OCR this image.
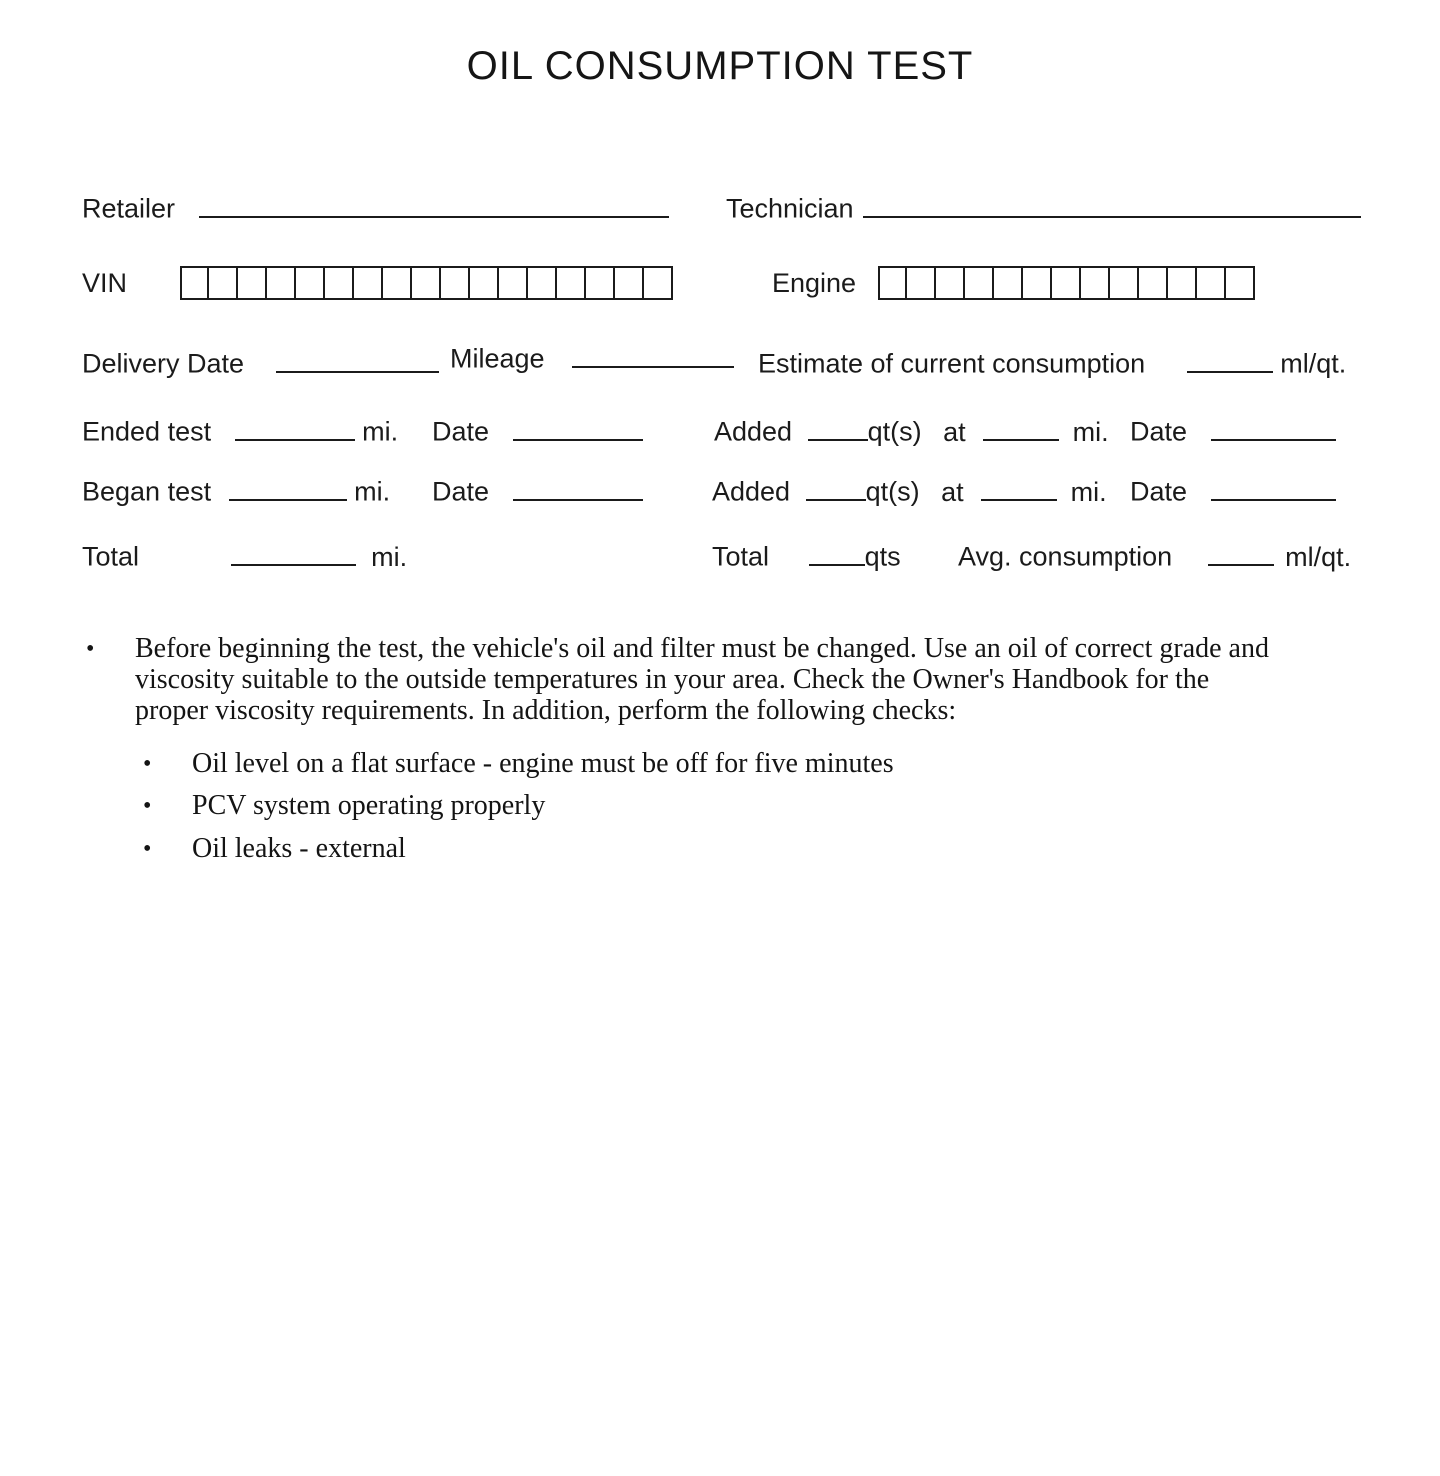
OIL CONSUMPTION TEST
Retailer	Technician
VIN	Engine
Delivery Date	Mileage	Estimate of current consumption	ml/qt.
Ended test	mi. Date	Added	qt(s) at	mi. Date
Began test	mi. Date	Added	qt(s) at	mi. Date
Total	mi.	Total	qts Avg. consumption	ml/qt.
• Before beginning the test, the vehicle's oil and filter must be changed. Use an oil of correct grade and viscosity suitable to the outside temperatures in your area. Check the Owner's Handbook for the proper viscosity requirements. In addition, perform the following checks:
• Oil level on a flat surface - engine must be off for five minutes
• PCV system operating properly
• Oil leaks - external
